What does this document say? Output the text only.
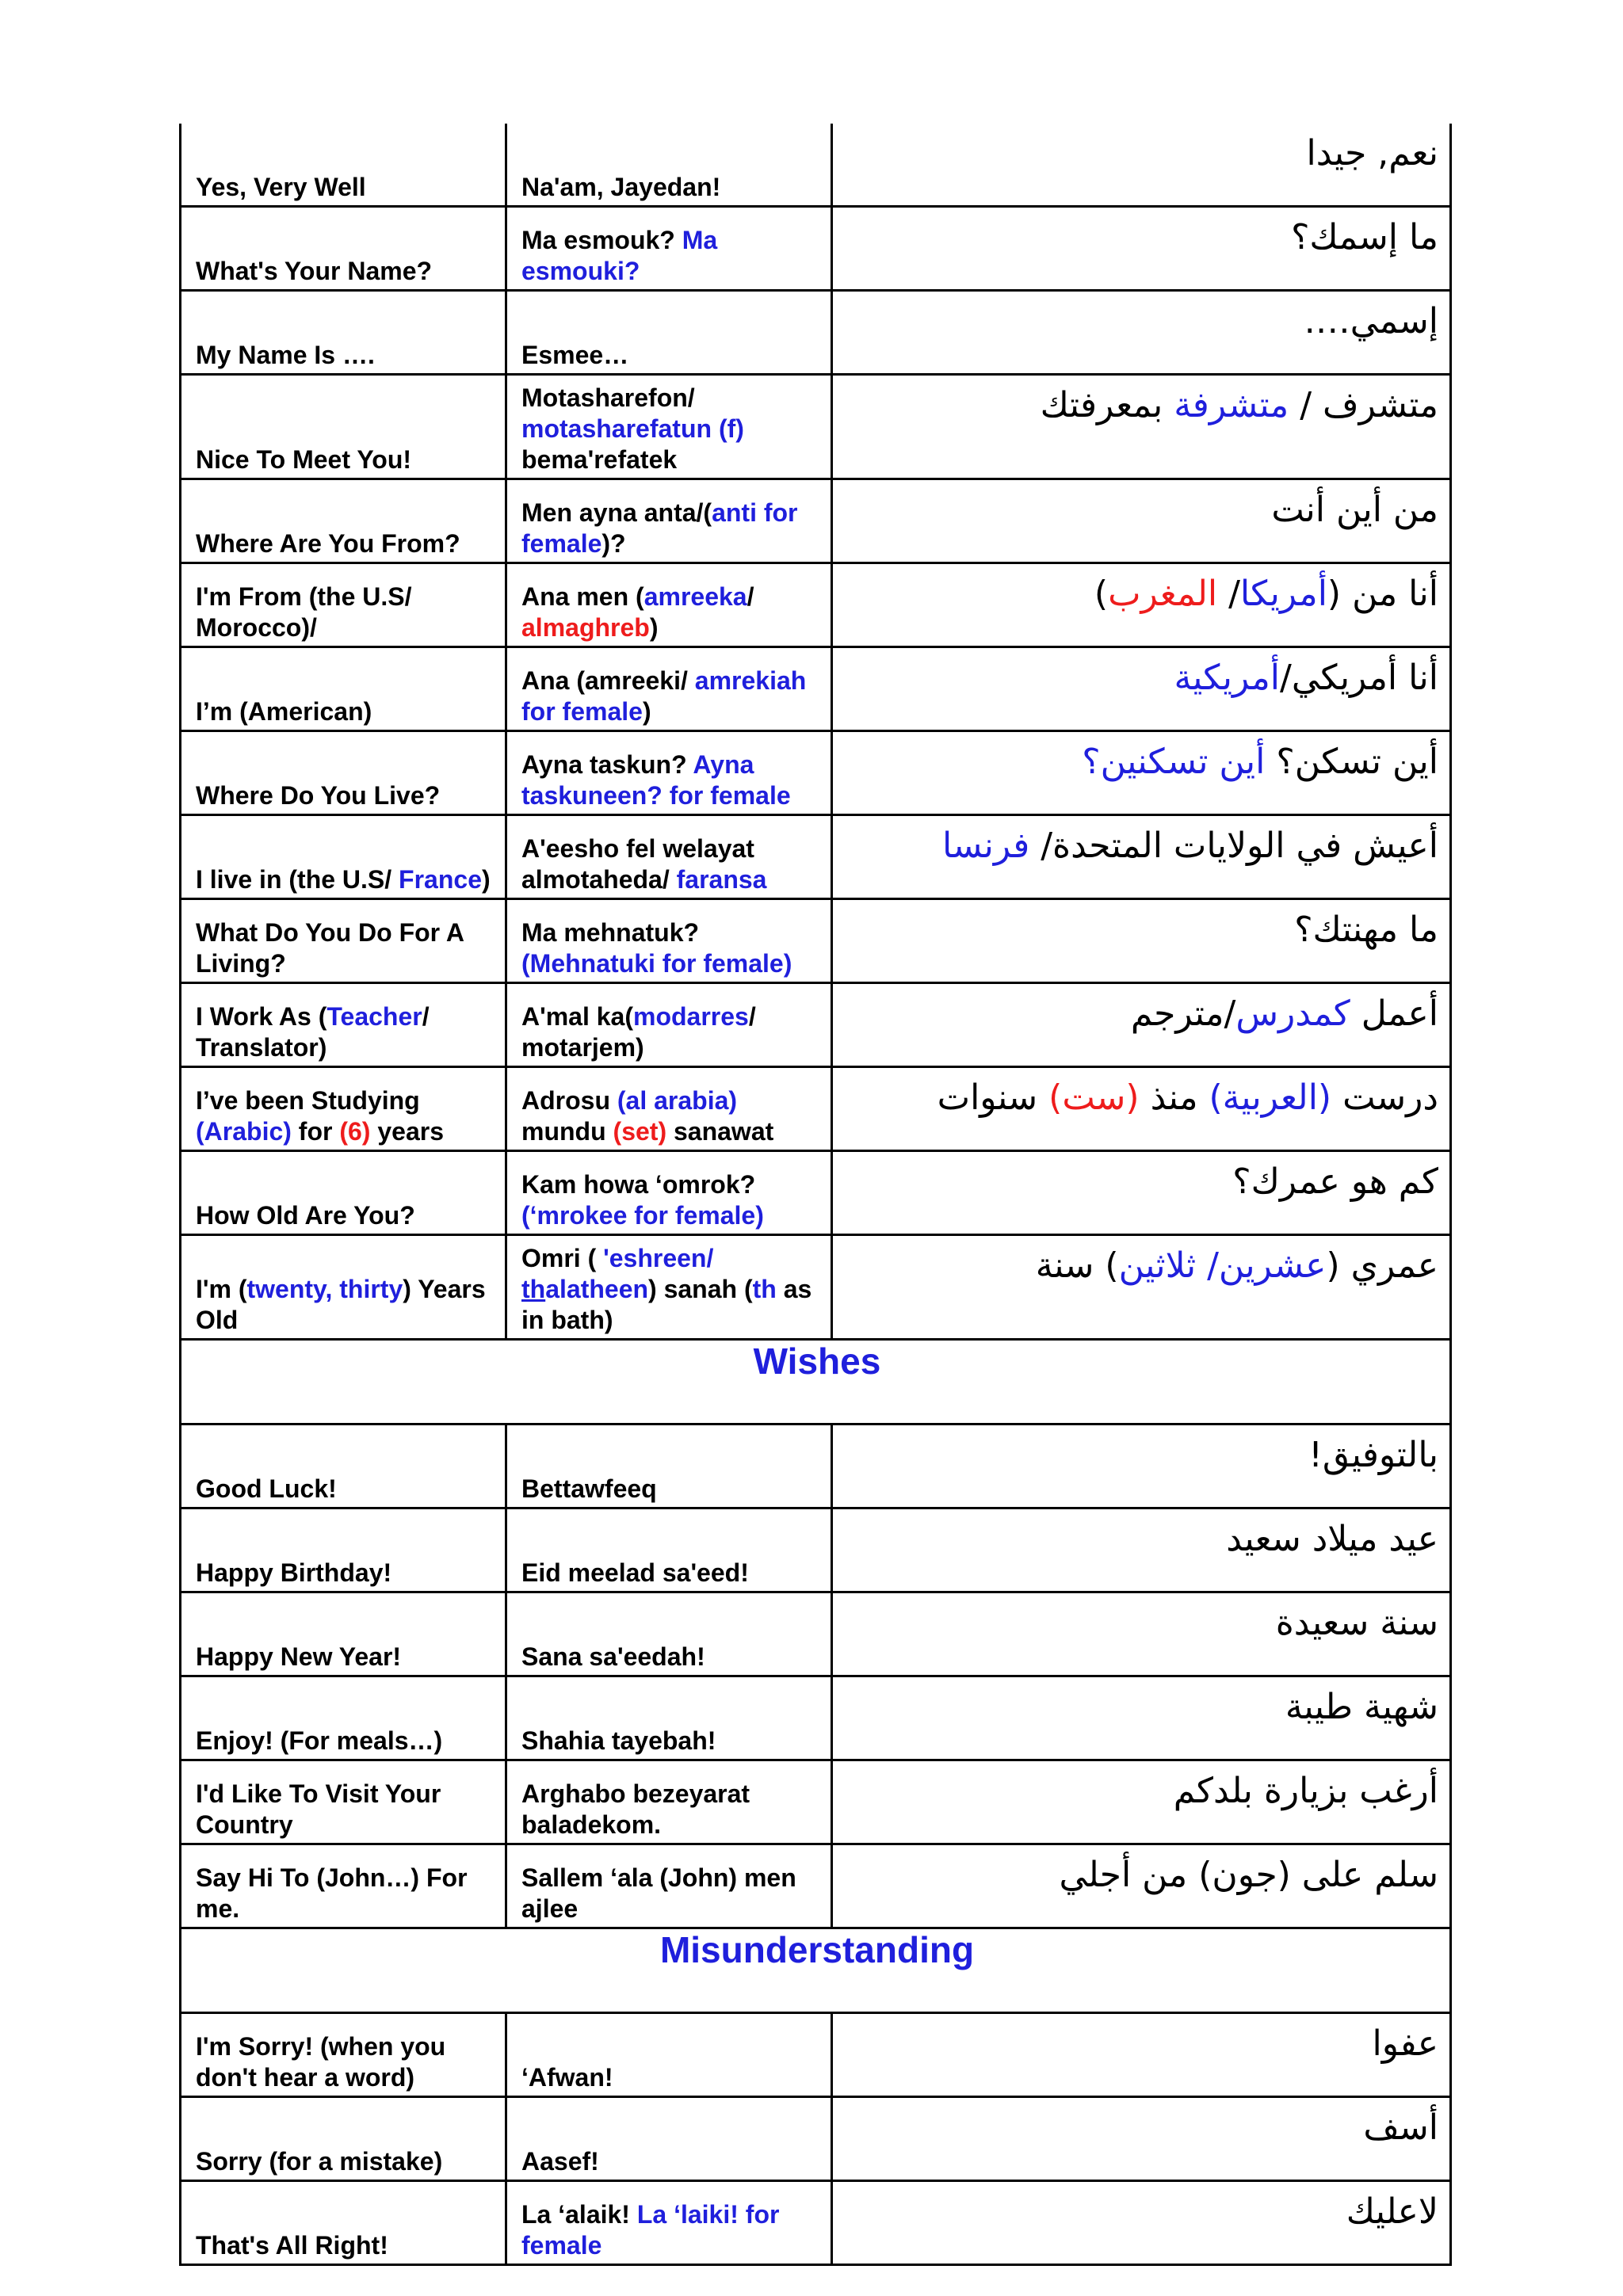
Yes, Very Well	Na'am, Jayedan!	نعم, جيدا
What's Your Name?	Ma esmouk? Ma esmouki?	ما إسمك؟
My Name Is ….	Esmee…	إسمي….
Nice To Meet You!	Motasharefon/ motasharefatun (f) bema'refatek	متشرف / متشرفة بمعرفتك
Where Are You From?	Men ayna anta/(anti for female)?	من أين أنت
I'm From (the U.S/ Morocco)/	Ana men (amreeka/ almaghreb)	أنا من (أمريكا/ المغرب)
I’m (American)	Ana (amreeki/ amrekiah for female)	أنا أمريكي/أمريكية
Where Do You Live?	Ayna taskun? Ayna taskuneen? for female	أين تسكن؟ أين تسكنين؟
I live in (the U.S/ France)	A'eesho fel welayat almotaheda/ faransa	أعيش في الولايات المتحدة/ فرنسا
What Do You Do For A Living?	Ma mehnatuk? (Mehnatuki for female)	ما مهنتك؟
I Work As (Teacher/ Translator)	A'mal ka(modarres/ motarjem)	أعمل كمدرس/مترجم
I’ve been Studying (Arabic) for (6) years	Adrosu (al arabia) mundu (set) sanawat	درست (العربية) منذ (ست) سنوات
How Old Are You?	Kam howa ‘omrok? (‘mrokee for female)	كم هو عمرك؟
I'm (twenty, thirty) Years Old	Omri ( 'eshreen/ thalatheen) sanah (th as in bath)	عمري (عشرين/ ثلاثين) سنة
Wishes		
Good Luck!	Bettawfeeq	بالتوفيق!
Happy Birthday!	Eid meelad sa'eed!	عيد ميلاد سعيد
Happy New Year!	Sana sa'eedah!	سنة سعيدة
Enjoy! (For meals…)	Shahia tayebah!	شهية طيبة
I'd Like To Visit Your Country	Arghabo bezeyarat baladekom.	أرغب بزيارة بلدكم
Say Hi To (John…) For me.	Sallem ‘ala (John) men ajlee	سلم على (جون) من أجلي
Misunderstanding		
I'm Sorry! (when you don't hear a word)	‘Afwan!	عفوا
Sorry (for a mistake)	Aasef!	أسف
That's All Right!	La ‘alaik! La ‘laiki! for female	لاعليك
